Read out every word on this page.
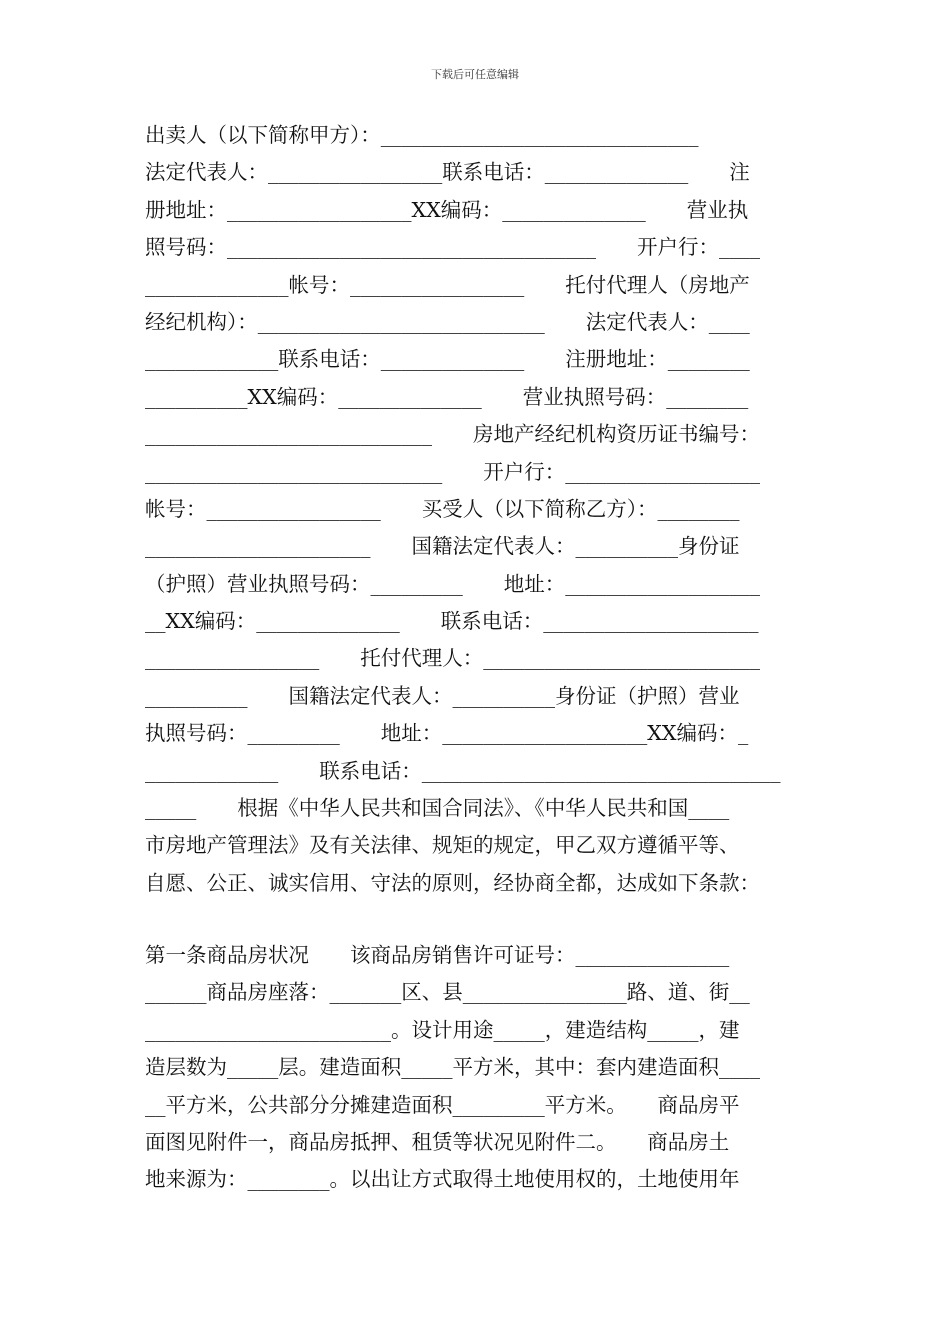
下载后可任意编辑
出卖人（以下简称甲方）：_______________________________
法定代表人：_________________联系电话：______________　　注
册地址：__________________XX编码：______________　　营业执
照号码：____________________________________　　开户行：____
______________帐号：_________________　　托付代理人（房地产
经纪机构）：____________________________　　法定代表人：____
_____________联系电话：______________　　注册地址：________
__________XX编码：______________　　营业执照号码：________
____________________________　　房地产经纪机构资历证书编号：
_____________________________　　开户行：___________________
帐号：_________________　　买受人（以下简称乙方）：________
______________________　　国籍法定代表人：__________身份证
（护照）营业执照号码：_________　　地址：___________________
__XX编码：______________　　联系电话：_____________________
_________________　　托付代理人：___________________________
__________　　国籍法定代表人：__________身份证（护照）营业
执照号码：_________　　地址：____________________XX编码：_
_____________　　联系电话：___________________________________
_____　　根据《中华人民共和国合同法》、《中华人民共和国____
市房地产管理法》及有关法律、规矩的规定，甲乙双方遵循平等、
自愿、公正、诚实信用、守法的原则，经协商全都，达成如下条款：
第一条商品房状况　　该商品房销售许可证号：_______________
______商品房座落：_______区、县________________路、道、街__
________________________。设计用途_____，建造结构_____，建
造层数为_____层。建造面积_____平方米，其中：套内建造面积____
__平方米，公共部分分摊建造面积_________平方米。　　商品房平
面图见附件一，商品房抵押、租赁等状况见附件二。　　商品房土
地来源为：________。以出让方式取得土地使用权的，土地使用年
